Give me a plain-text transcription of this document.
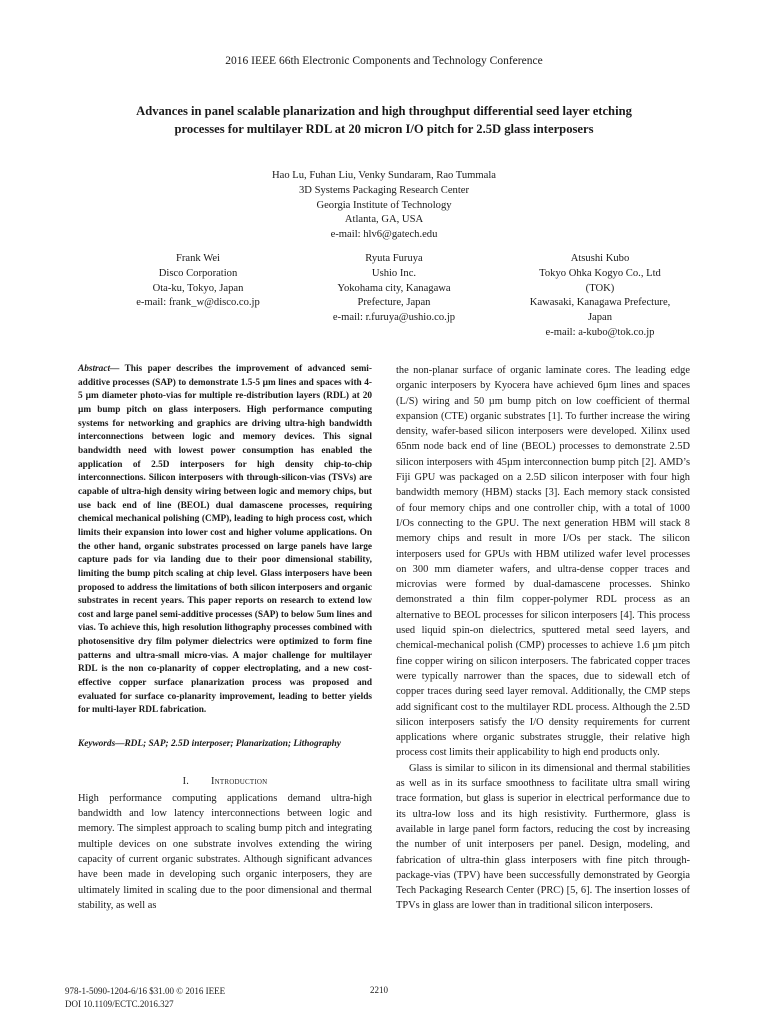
2016 IEEE 66th Electronic Components and Technology Conference
Advances in panel scalable planarization and high throughput differential seed layer etching
processes for multilayer RDL at 20 micron I/O pitch for 2.5D glass interposers
Hao Lu, Fuhan Liu, Venky Sundaram, Rao Tummala
3D Systems Packaging Research Center
Georgia Institute of Technology
Atlanta, GA, USA
e-mail: hlv6@gatech.edu
Frank Wei
Disco Corporation
Ota-ku, Tokyo, Japan
e-mail: frank_w@disco.co.jp
Ryuta Furuya
Ushio Inc.
Yokohama city, Kanagawa
Prefecture, Japan
e-mail: r.furuya@ushio.co.jp
Atsushi Kubo
Tokyo Ohka Kogyo Co., Ltd
(TOK)
Kawasaki, Kanagawa Prefecture,
Japan
e-mail: a-kubo@tok.co.jp

Abstract— This paper describes the improvement of advanced semi-additive processes (SAP) to demonstrate 1.5-5 µm lines and spaces with 4-5 µm diameter photo-vias for multiple re-distribution layers (RDL) at 20 µm bump pitch on glass interposers. High performance computing systems for networking and graphics are driving ultra-high bandwidth interconnections between logic and memory devices. This signal bandwidth need with lowest power consumption has enabled the application of 2.5D interposers for high density chip-to-chip interconnections. Silicon interposers with through-silicon-vias (TSVs) are capable of ultra-high density wiring between logic and memory chips, but use back end of line (BEOL) dual damascene processes, requiring chemical mechanical polishing (CMP), leading to high process cost, which limits their expansion into lower cost and higher volume applications. On the other hand, organic substrates processed on large panels have large capture pads for via landing due to their poor dimensional stability, limiting the bump pitch scaling at chip level. Glass interposers have been proposed to address the limitations of both silicon interposers and organic substrates in recent years. This paper reports on research to extend low cost and large panel semi-additive processes (SAP) to below 5um lines and vias. To achieve this, high resolution lithography processes combined with photosensitive dry film polymer dielectrics were optimized to form fine patterns and ultra-small micro-vias. A major challenge for multilayer RDL is the non co-planarity of copper electroplating, and a new cost-effective copper surface planarization process was proposed and evaluated for surface co-planarity improvement, leading to better yields for multi-layer RDL fabrication.

Keywords—RDL; SAP; 2.5D interposer; Planarization; Lithography

I. Introduction

High performance computing applications demand ultra-high bandwidth and low latency interconnections between logic and memory. The simplest approach to scaling bump pitch and integrating multiple devices on one substrate involves extending the wiring capacity of current organic substrates. Although significant advances have been made in developing such organic interposers, they are ultimately limited in scaling due to the poor dimensional and thermal stability, as well as

the non-planar surface of organic laminate cores. The leading edge organic interposers by Kyocera have achieved 6µm lines and spaces (L/S) wiring and 50 µm bump pitch on low coefficient of thermal expansion (CTE) organic substrates [1]. To further increase the wiring density, wafer-based silicon interposers were developed. Xilinx used 65nm node back end of line (BEOL) processes to demonstrate 2.5D silicon interposers with 45µm interconnection bump pitch [2]. AMD’s Fiji GPU was packaged on a 2.5D silicon interposer with four high bandwidth memory (HBM) stacks [3]. Each memory stack consisted of four memory chips and one controller chip, with a total of 1000 I/Os connecting to the GPU. The next generation HBM will stack 8 memory chips and result in more I/Os per stack. The silicon interposers used for GPUs with HBM utilized wafer level processes on 300 mm diameter wafers, and ultra-dense copper traces and microvias were formed by dual-damascene processes. Shinko demonstrated a thin film copper-polymer RDL process as an alternative to BEOL processes for silicon interposers [4]. This process used liquid spin-on dielectrics, sputtered metal seed layers, and chemical-mechanical polish (CMP) processes to achieve 1.6 µm pitch fine copper wiring on silicon interposers. The fabricated copper traces were typically narrower than the spaces, due to sidewall etch of copper traces during seed layer removal. Additionally, the CMP steps add significant cost to the multilayer RDL process. Although the 2.5D silicon interposers satisfy the I/O density requirements for current applications where organic substrates struggle, their relative high process cost limits their applicability to high end products only.

Glass is similar to silicon in its dimensional and thermal stabilities as well as in its surface smoothness to facilitate ultra small wiring trace formation, but glass is superior in electrical performance due to its ultra-low loss and its high resistivity. Furthermore, glass is available in large panel form factors, reducing the cost by increasing the number of unit interposers per panel. Design, modeling, and fabrication of ultra-thin glass interposers with fine pitch through-package-vias (TPV) have been successfully demonstrated by Georgia Tech Packaging Research Center (PRC) [5, 6]. The insertion losses of TPVs in glass are lower than in traditional silicon interposers.

978-1-5090-1204-6/16 $31.00 © 2016 IEEE
DOI 10.1109/ECTC.2016.327
2210
